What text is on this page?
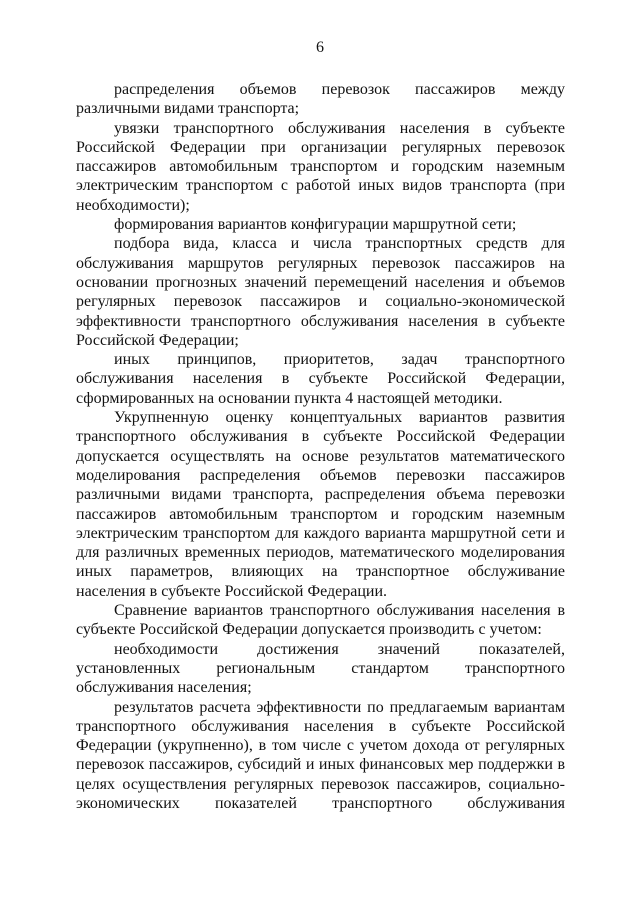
6

распределения объемов перевозок пассажиров между различными видами транспорта;

увязки транспортного обслуживания населения в субъекте Российской Федерации при организации регулярных перевозок пассажиров автомобильным транспортом и городским наземным электрическим транспортом с работой иных видов транспорта (при необходимости);

формирования вариантов конфигурации маршрутной сети;

подбора вида, класса и числа транспортных средств для обслуживания маршрутов регулярных перевозок пассажиров на основании прогнозных значений перемещений населения и объемов регулярных перевозок пассажиров и социально-экономической эффективности транспортного обслуживания населения в субъекте Российской Федерации;

иных принципов, приоритетов, задач транспортного обслуживания населения в субъекте Российской Федерации, сформированных на основании пункта 4 настоящей методики.

Укрупненную оценку концептуальных вариантов развития транспортного обслуживания в субъекте Российской Федерации допускается осуществлять на основе результатов математического моделирования распределения объемов перевозки пассажиров различными видами транспорта, распределения объема перевозки пассажиров автомобильным транспортом и городским наземным электрическим транспортом для каждого варианта маршрутной сети и для различных временных периодов, математического моделирования иных параметров, влияющих на транспортное обслуживание населения в субъекте Российской Федерации.

Сравнение вариантов транспортного обслуживания населения в субъекте Российской Федерации допускается производить с учетом:

необходимости достижения значений показателей, установленных региональным стандартом транспортного обслуживания населения;

результатов расчета эффективности по предлагаемым вариантам транспортного обслуживания населения в субъекте Российской Федерации (укрупненно), в том числе с учетом дохода от регулярных перевозок пассажиров, субсидий и иных финансовых мер поддержки в целях осуществления регулярных перевозок пассажиров, социально-экономических показателей транспортного обслуживания
